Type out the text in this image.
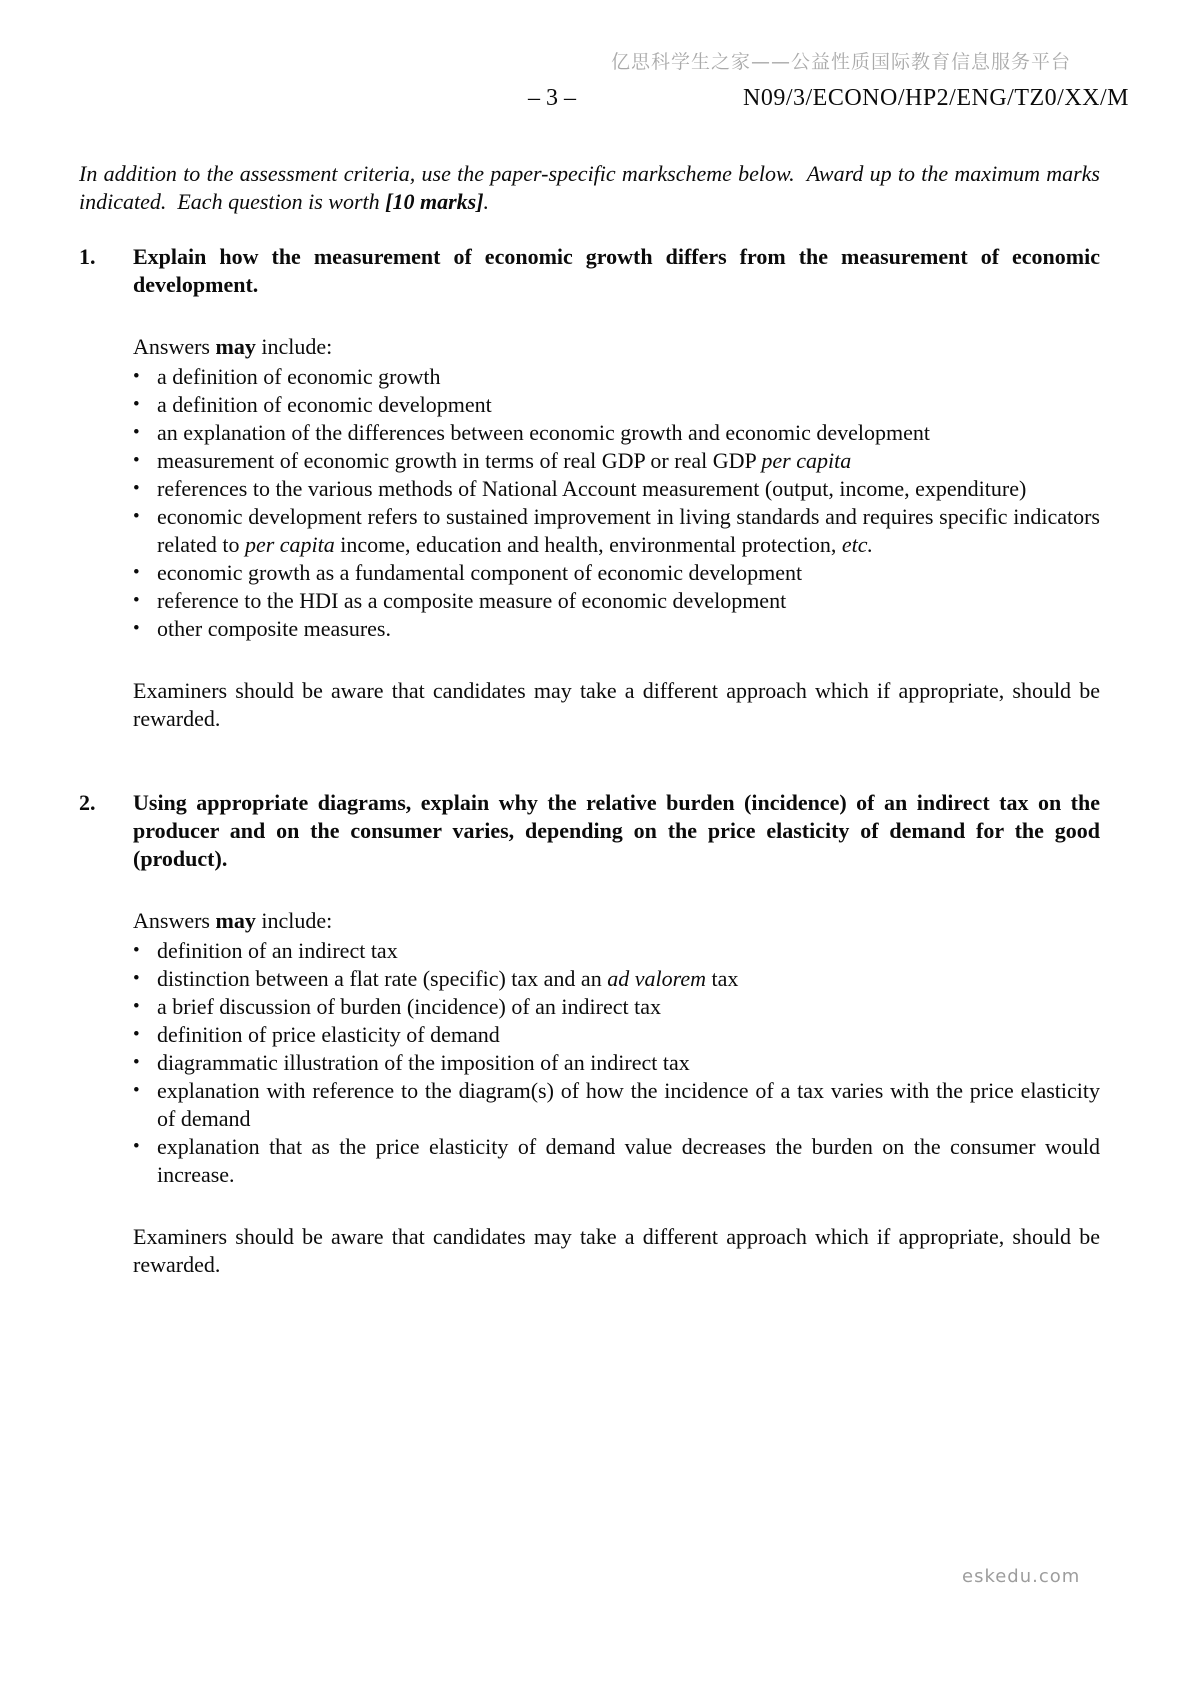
亿思科学生之家——公益性质国际教育信息服务平台
– 3 –	N09/3/ECONO/HP2/ENG/TZ0/XX/M

In addition to the assessment criteria, use the paper-specific markscheme below.  Award up to the maximum marks indicated.  Each question is worth [10 marks].

1.	Explain how the measurement of economic growth differs from the measurement of economic development.

Answers may include:

• a definition of economic growth
• a definition of economic development
• an explanation of the differences between economic growth and economic development
• measurement of economic growth in terms of real GDP or real GDP per capita
• references to the various methods of National Account measurement (output, income, expenditure)
• economic development refers to sustained improvement in living standards and requires specific indicators related to per capita income, education and health, environmental protection, etc.
• economic growth as a fundamental component of economic development
• reference to the HDI as a composite measure of economic development
• other composite measures.

Examiners should be aware that candidates may take a different approach which if appropriate, should be rewarded.

2.	Using appropriate diagrams, explain why the relative burden (incidence) of an indirect tax on the producer and on the consumer varies, depending on the price elasticity of demand for the good (product).

Answers may include:

• definition of an indirect tax
• distinction between a flat rate (specific) tax and an ad valorem tax
• a brief discussion of burden (incidence) of an indirect tax
• definition of price elasticity of demand
• diagrammatic illustration of the imposition of an indirect tax
• explanation with reference to the diagram(s) of how the incidence of a tax varies with the price elasticity of demand
• explanation that as the price elasticity of demand value decreases the burden on the consumer would increase.

Examiners should be aware that candidates may take a different approach which if appropriate, should be rewarded.

eskedu.com
